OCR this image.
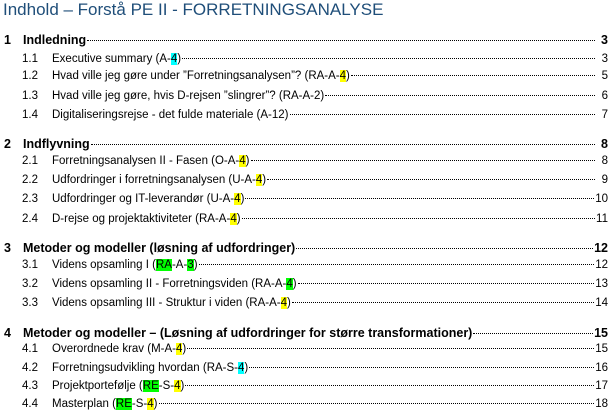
Indhold – Forstå PE II - FORRETNINGSANALYSE
1 Indledning	3
1.1	Executive summary (A-4)	3
1.2	Hvad ville jeg gøre under ”Forretningsanalysen”? (RA-A-4)	5
1.3	Hvad ville jeg gøre, hvis D-rejsen ”slingrer”? (RA-A-2)	6
1.4	Digitaliseringsrejse - det fulde materiale (A-12)	7
2 Indflyvning	8
2.1	Forretningsanalysen II - Fasen (O-A-4)	8
2.2	Udfordringer i forretningsanalysen (U-A-4)	9
2.3	Udfordringer og IT-leverandør (U-A-4)	10
2.4	D-rejse og projektaktiviteter (RA-A-4)	11
3 Metoder og modeller (løsning af udfordringer)	12
3.1	Videns opsamling I (RA-A-3)	12
3.2	Videns opsamling II - Forretningsviden (RA-A-4)	13
3.3	Videns opsamling III - Struktur i viden (RA-A-4)	14
4 Metoder og modeller – (Løsning af udfordringer for større transformationer)	15
4.1	Overordnede krav (M-A-4)	15
4.2	Forretningsudvikling hvordan (RA-S-4)	16
4.3	Projektportefølje (RE-S-4)	17
4.4	Masterplan (RE-S-4)	18
